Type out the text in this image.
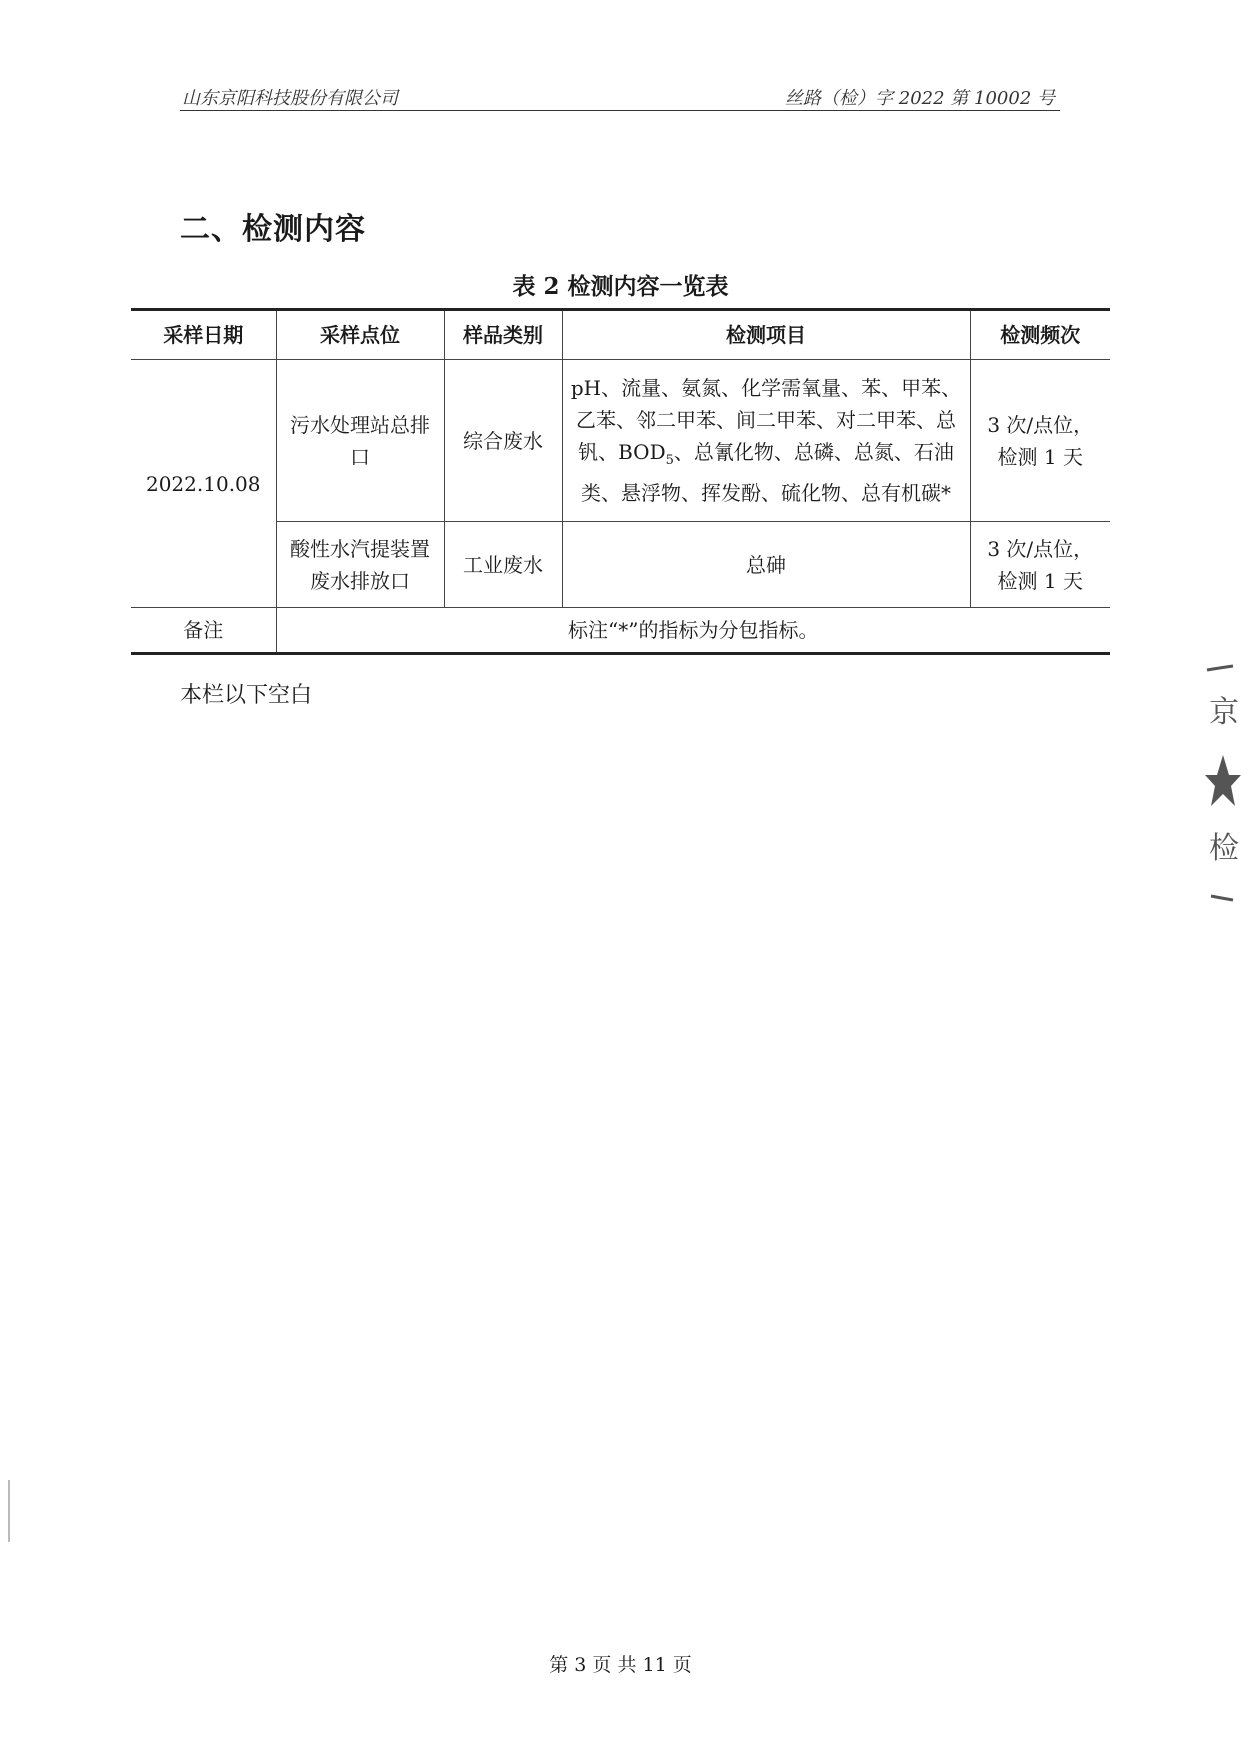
山东京阳科技股份有限公司	丝路（检）字 2022 第 10002 号
二、检测内容
表 2 检测内容一览表
采样日期	采样点位	样品类别	检测项目	检测频次
2022.10.08	污水处理站总排口	综合废水	pH、流量、氨氮、化学需氧量、苯、甲苯、乙苯、邻二甲苯、间二甲苯、对二甲苯、总钒、$BOD_5$、总氰化物、总磷、总氮、石油类、悬浮物、挥发酚、硫化物、总有机碳*	3 次/点位，
检测 1 天

	酸性水汽提装置废水排放口	工业废水	总砷	3 次/点位，
检测 1 天

备注	标注“*”的指标为分包指标。			
本栏以下空白
第 3 页 共 11 页
京
检
